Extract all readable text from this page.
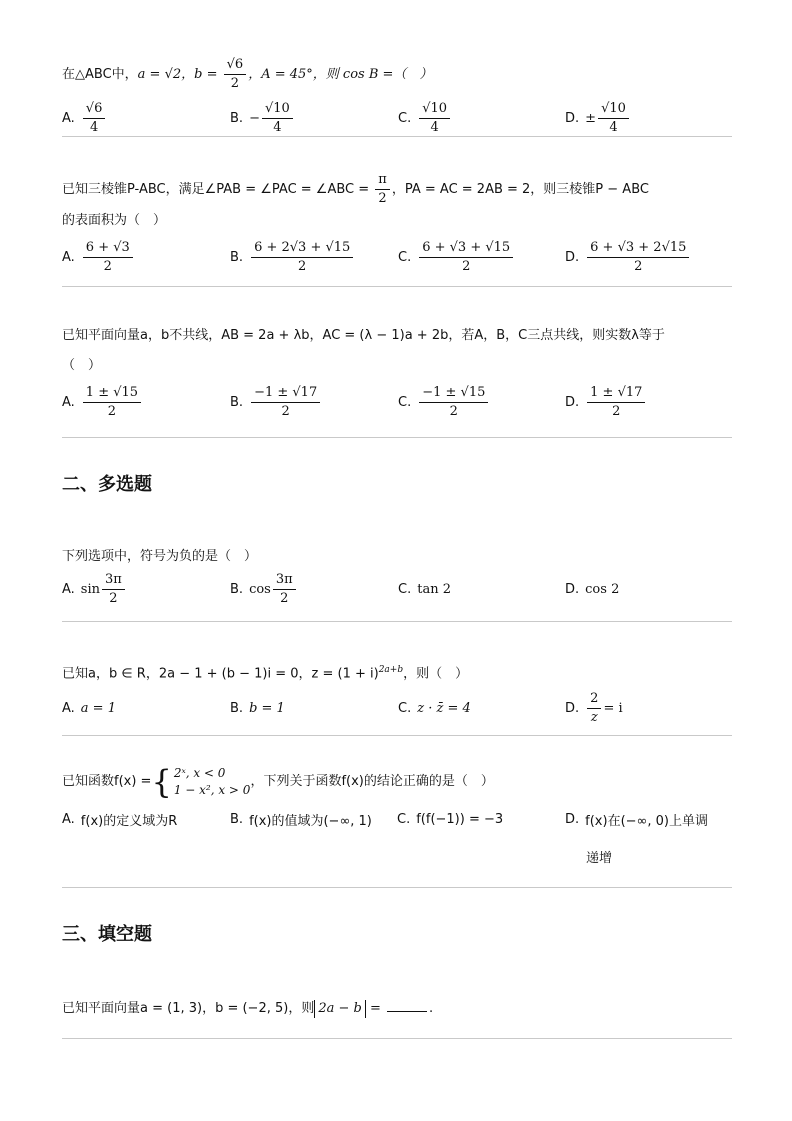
在△ABC中，a = √2，$b = \frac{√6}{2}$ ，A = 45°，则 cos B =（　）
A. $\frac{√6}{4}$	B. − $\frac{√10}{4}$	C. $\frac{√10}{4}$	D. ± $\frac{√10}{4}$
已知三棱锥P-ABC，满足∠PAB = ∠PAC = ∠ABC = $\frac{\pi}{2}$ ，PA = AC = 2AB = 2，则三棱锥P − ABC
的表面积为（　）
A. $\frac{6 + √3}{2}$	B. $\frac{6 + 2√3 + √15}{2}$	C. $\frac{6 + √3 + √15}{2}$	D. $\frac{6 + √3 + 2√15}{2}$
已知平面向量a，b不共线，AB = 2a + λb，AC = (λ − 1)a + 2b，若A，B，C三点共线，则实数λ等于
（　）
A. $\frac{1 \pm √15}{2}$	B. $\frac{-1 \pm √17}{2}$	C. $\frac{-1 \pm √15}{2}$	D. $\frac{1 \pm √17}{2}$
二、多选题
下列选项中，符号为负的是（　）
A. $\sin \frac{3\pi}{2}$	B. $\cos \frac{3\pi}{2}$	C. tan 2	D. cos 2
已知a，b ∈ R，2a − 1 + (b − 1)i = 0，$z = (1 + i)^{2a+b}$，则（　）
A. a = 1	B. b = 1	C. z · z̄ = 4	D. $\frac{2}{z} = i$
已知函数f(x) = { 2ˣ, x < 0
1 − x², x > 0
，下列关于函数f(x)的结论正确的是（　）
A. f(x)的定义域为R	B. f(x)的值域为(−∞, 1) C. f(f(−1)) = −3	D. f(x)在(−∞, 0)上单调
递增
三、填空题
已知平面向量a = (1, 3)，b = (−2, 5)，则 2a − b =	.
